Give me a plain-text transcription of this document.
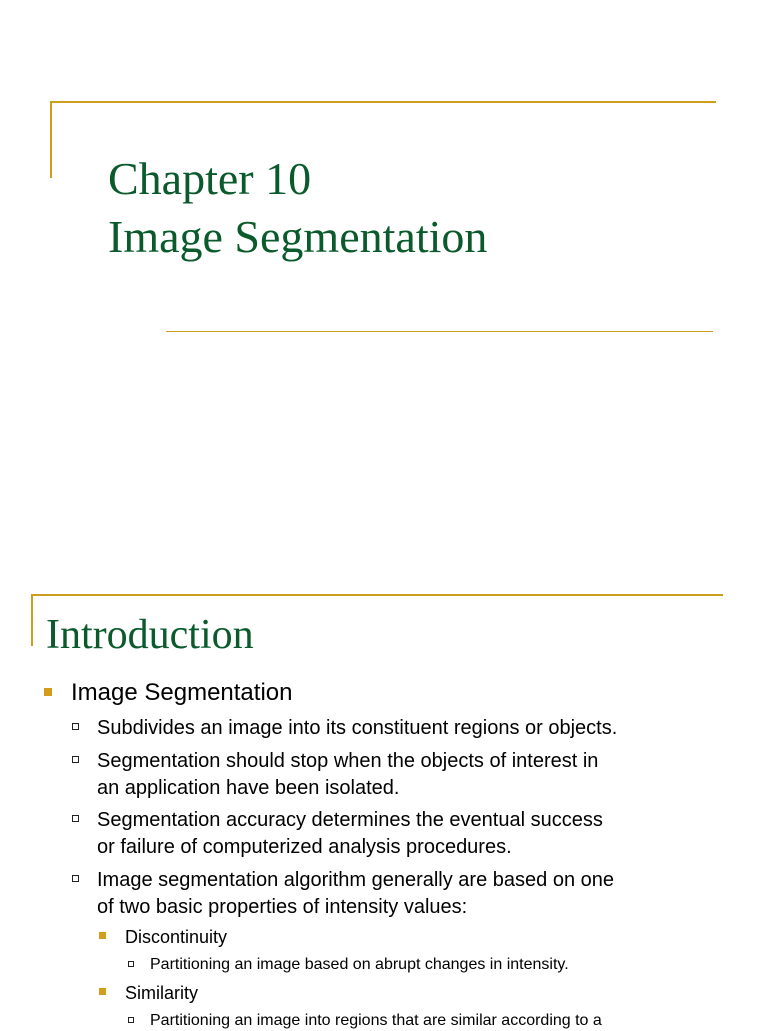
Chapter 10
Image Segmentation
Introduction
Image Segmentation
Subdivides an image into its constituent regions or objects.
Segmentation should stop when the objects of interest in
an application have been isolated.
Segmentation accuracy determines the eventual success
or failure of computerized analysis procedures.
Image segmentation algorithm generally are based on one
of two basic properties of intensity values:
Discontinuity
Partitioning an image based on abrupt changes in intensity.
Similarity
Partitioning an image into regions that are similar according to a
